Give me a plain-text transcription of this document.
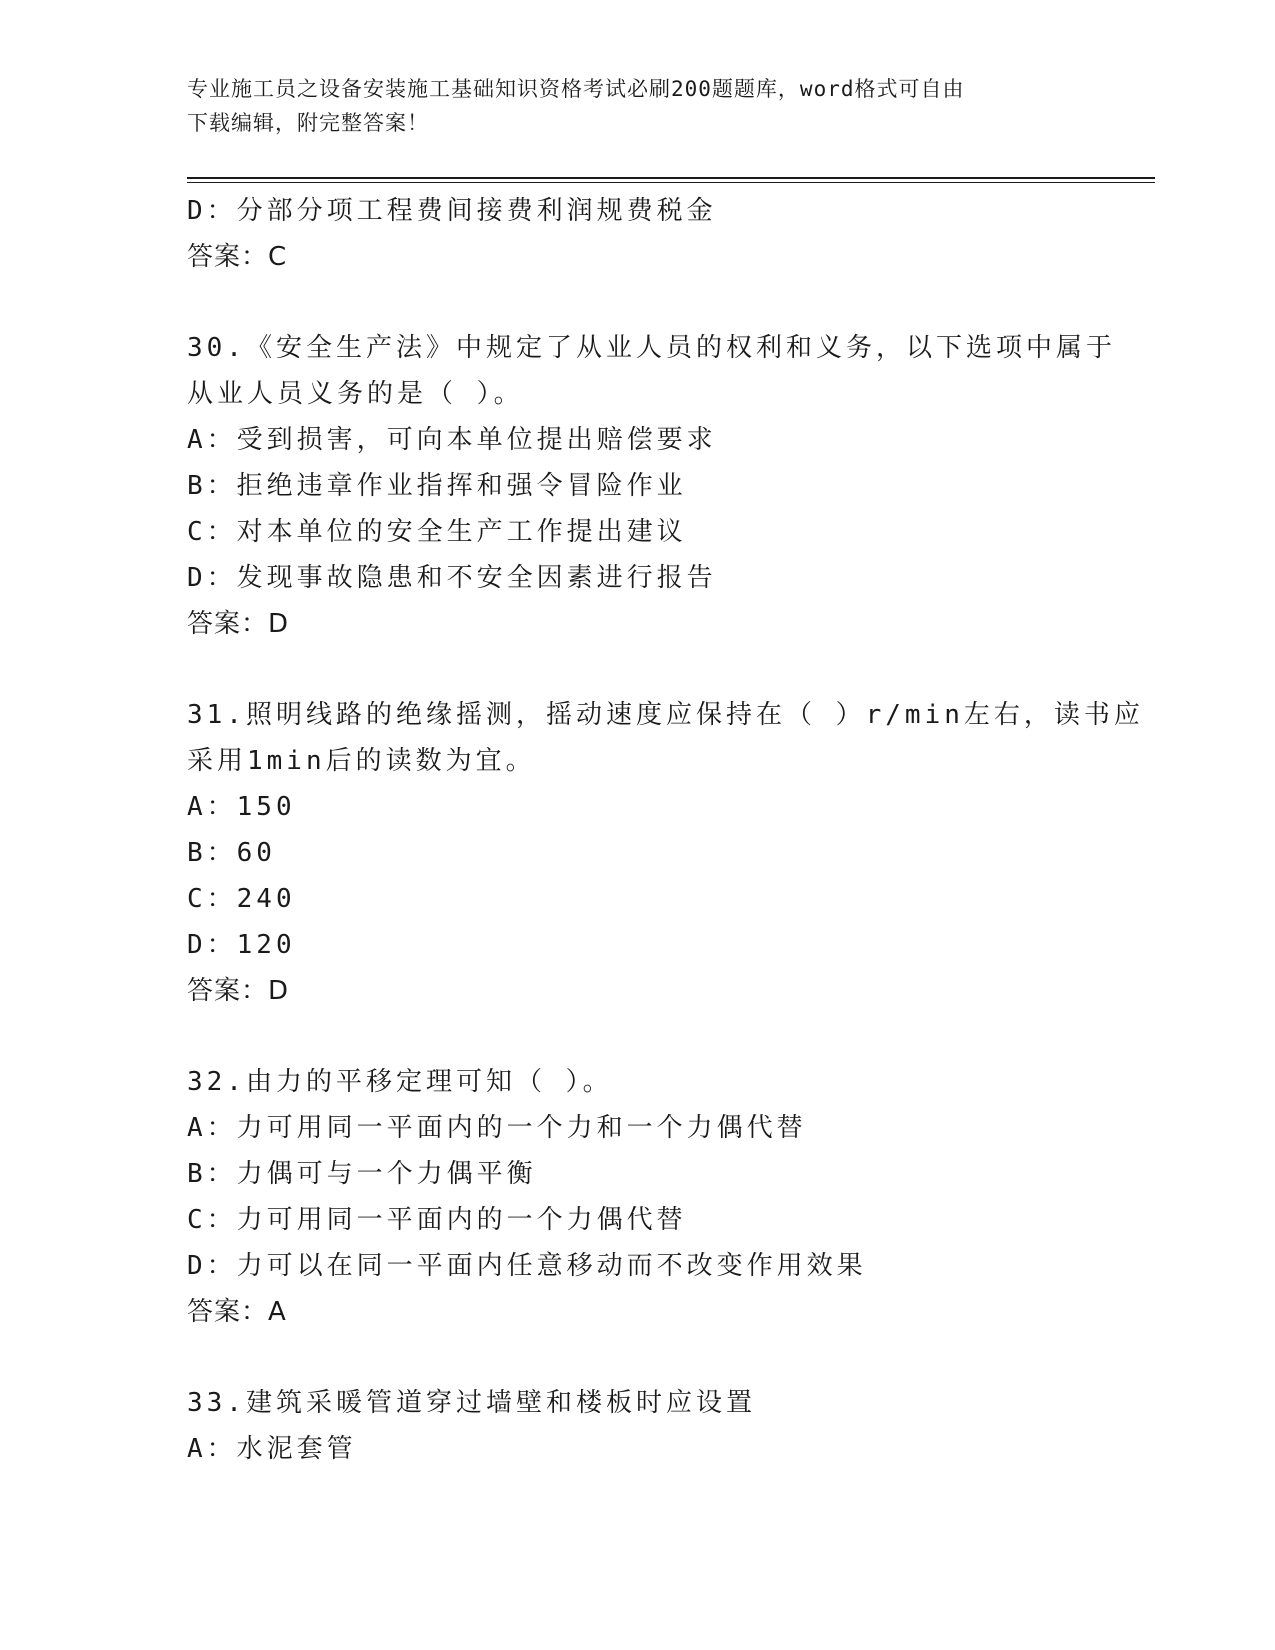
专业施工员之设备安装施工基础知识资格考试必刷200题题库，word格式可自由
下载编辑，附完整答案！
D：分部分项工程费间接费利润规费税金
答案：C
30.《安全生产法》中规定了从业人员的权利和义务，以下选项中属于
从业人员义务的是（ ）。
A：受到损害，可向本单位提出赔偿要求
B：拒绝违章作业指挥和强令冒险作业
C：对本单位的安全生产工作提出建议
D：发现事故隐患和不安全因素进行报告
答案：D
31.照明线路的绝缘摇测，摇动速度应保持在（ ）r/min左右，读书应
采用1min后的读数为宜。
A：150
B：60
C：240
D：120
答案：D
32.由力的平移定理可知（ ）。
A：力可用同一平面内的一个力和一个力偶代替
B：力偶可与一个力偶平衡
C：力可用同一平面内的一个力偶代替
D：力可以在同一平面内任意移动而不改变作用效果
答案：A
33.建筑采暖管道穿过墙壁和楼板时应设置
A：水泥套管
